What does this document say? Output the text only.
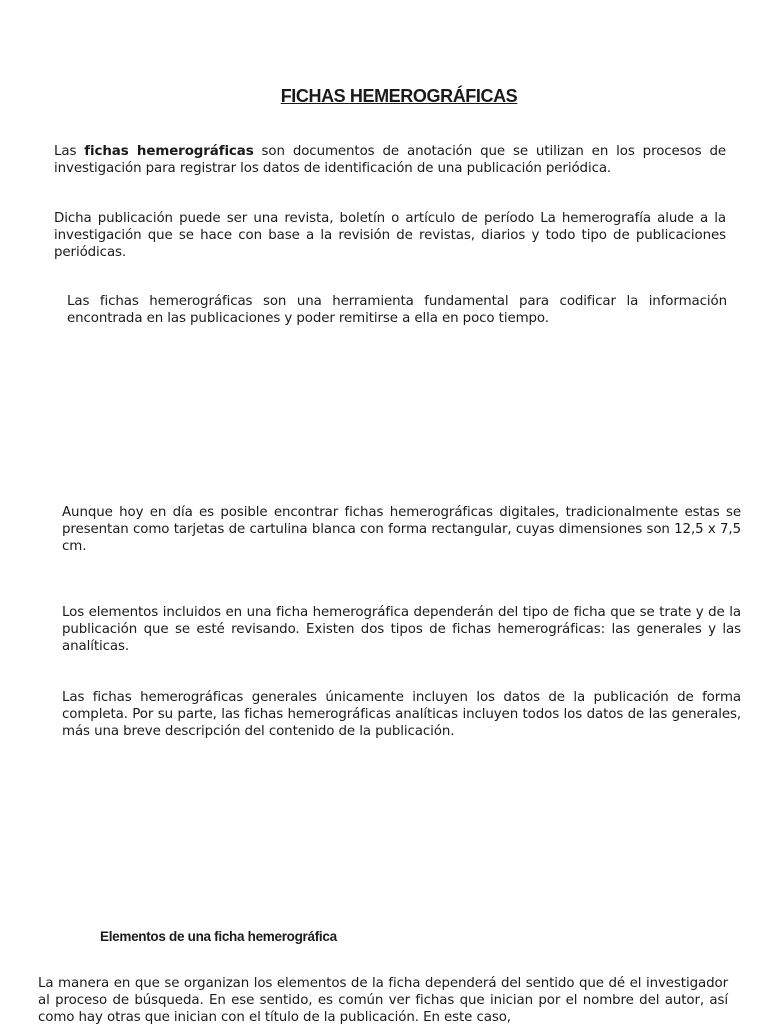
FICHAS HEMEROGRÁFICAS

Las fichas hemerográficas son documentos de anotación que se utilizan en los procesos de investigación para registrar los datos de identificación de una publicación periódica.

Dicha publicación puede ser una revista, boletín o artículo de período La hemerografía alude a la investigación que se hace con base a la revisión de revistas, diarios y todo tipo de publicaciones periódicas.

Las fichas hemerográficas son una herramienta fundamental para codificar la información encontrada en las publicaciones y poder remitirse a ella en poco tiempo.

Aunque hoy en día es posible encontrar fichas hemerográficas digitales, tradicionalmente estas se presentan como tarjetas de cartulina blanca con forma rectangular, cuyas dimensiones son 12,5 x 7,5 cm.

Los elementos incluidos en una ficha hemerográfica dependerán del tipo de ficha que se trate y de la publicación que se esté revisando. Existen dos tipos de fichas hemerográficas: las generales y las analíticas.

Las fichas hemerográficas generales únicamente incluyen los datos de la publicación de forma completa. Por su parte, las fichas hemerográficas analíticas incluyen todos los datos de las generales, más una breve descripción del contenido de la publicación.

Elementos de una ficha hemerográfica

La manera en que se organizan los elementos de la ficha dependerá del sentido que dé el investigador al proceso de búsqueda. En ese sentido, es común ver fichas que inician por el nombre del autor, así como hay otras que inician con el título de la publicación. En este caso,
